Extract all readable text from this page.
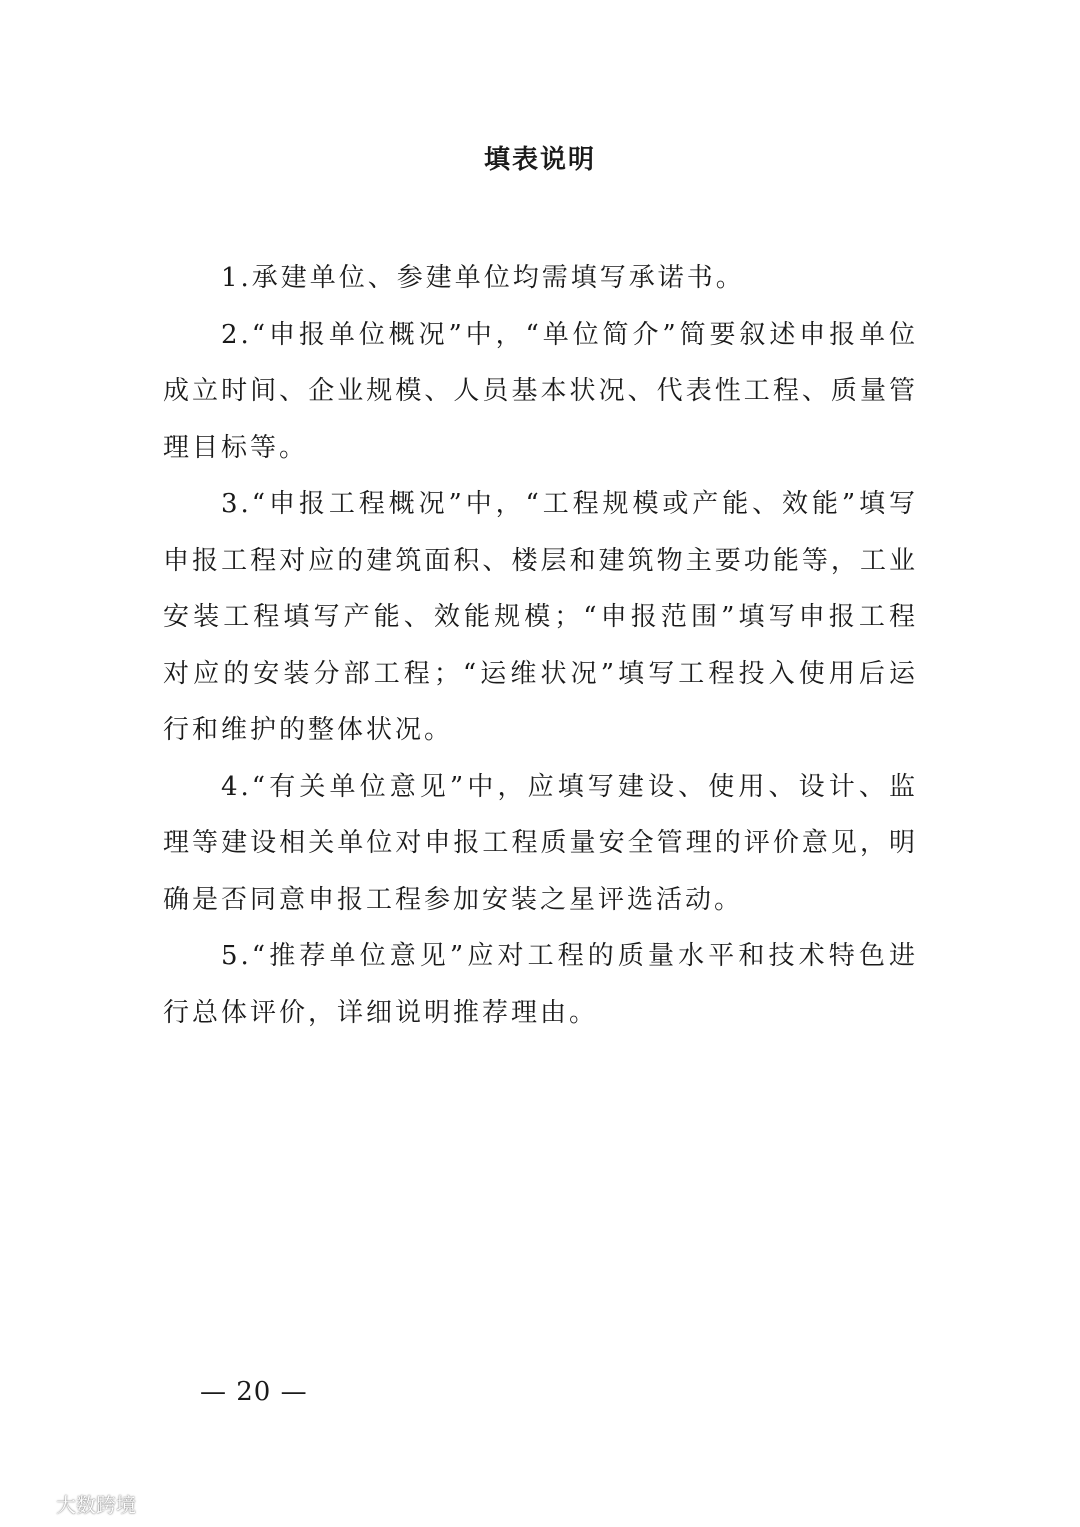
填表说明

1.承建单位、参建单位均需填写承诺书。

2.“申报单位概况”中，“单位简介”简要叙述申报单位成立时间、企业规模、人员基本状况、代表性工程、质量管理目标等。

3.“申报工程概况”中，“工程规模或产能、效能”填写申报工程对应的建筑面积、楼层和建筑物主要功能等，工业安装工程填写产能、效能规模；“申报范围”填写申报工程对应的安装分部工程；“运维状况”填写工程投入使用后运行和维护的整体状况。

4.“有关单位意见”中，应填写建设、使用、设计、监理等建设相关单位对申报工程质量安全管理的评价意见，明确是否同意申报工程参加安装之星评选活动。

5.“推荐单位意见”应对工程的质量水平和技术特色进行总体评价，详细说明推荐理由。

— 20 —
大数跨境
